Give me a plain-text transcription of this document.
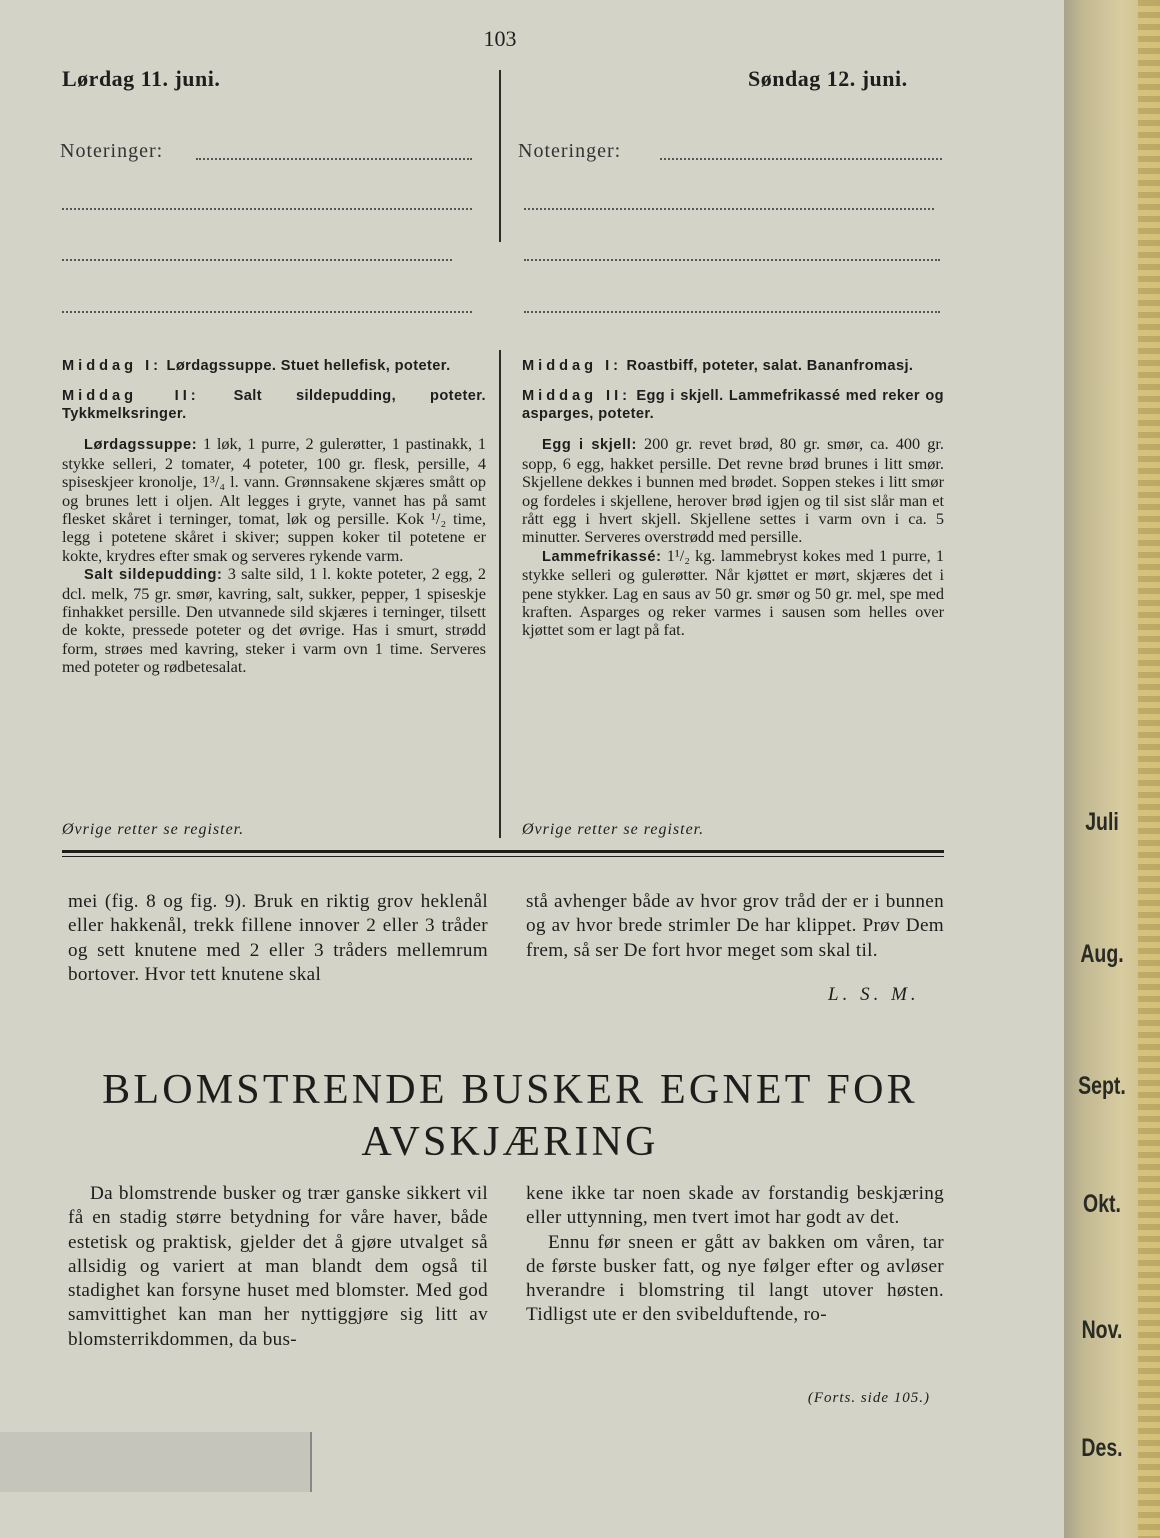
103
Lørdag 11. juni.	Søndag 12. juni.
Noteringer:	Noteringer:

Middag I: Lørdagssuppe. Stuet hellefisk, poteter.

Middag II: Salt sildepudding, poteter. Tykkmelksringer.

Lørdagssuppe: 1 løk, 1 purre, 2 gulerøtter, 1 pastinakk, 1 stykke selleri, 2 tomater, 4 poteter, 100 gr. flesk, persille, 4 spiseskjeer kronolje, 1³/₄ l. vann. Grønnsakene skjæres smått op og brunes lett i oljen. Alt legges i gryte, vannet has på samt flesket skåret i terninger, tomat, løk og persille. Kok ¹/₂ time, legg i potetene skåret i skiver; suppen koker til potetene er kokte, krydres efter smak og serveres rykende varm.

Salt sildepudding: 3 salte sild, 1 l. kokte poteter, 2 egg, 2 dcl. melk, 75 gr. smør, kavring, salt, sukker, pepper, 1 spiseskje finhakket persille. Den utvannede sild skjæres i terninger, tilsett de kokte, pressede poteter og det øvrige. Has i smurt, strødd form, strøes med kavring, steker i varm ovn 1 time. Serveres med poteter og rødbetesalat.

Øvrige retter se register.

Middag I: Roastbiff, poteter, salat. Bananfromasj.

Middag II: Egg i skjell. Lammefrikassé med reker og asparges, poteter.

Egg i skjell: 200 gr. revet brød, 80 gr. smør, ca. 400 gr. sopp, 6 egg, hakket persille. Det revne brød brunes i litt smør. Skjellene dekkes i bunnen med brødet. Soppen stekes i litt smør og fordeles i skjellene, herover brød igjen og til sist slår man et rått egg i hvert skjell. Skjellene settes i varm ovn i ca. 5 minutter. Serveres overstrødd med persille.

Lammefrikassé: 1¹/₂ kg. lammebryst kokes med 1 purre, 1 stykke selleri og gulerøtter. Når kjøttet er mørt, skjæres det i pene stykker. Lag en saus av 50 gr. smør og 50 gr. mel, spe med kraften. Asparges og reker varmes i sausen som helles over kjøttet som er lagt på fat.

Øvrige retter se register.
mei (fig. 8 og fig. 9). Bruk en riktig grov heklenål eller hakkenål, trekk fillene innover 2 eller 3 tråder og sett knutene med 2 eller 3 tråders mellemrum bortover. Hvor tett knutene skal
stå avhenger både av hvor grov tråd der er i bunnen og av hvor brede strimler De har klippet. Prøv Dem frem, så ser De fort hvor meget som skal til.
L. S. M.
BLOMSTRENDE BUSKER EGNET FOR
AVSKJÆRING

Da blomstrende busker og trær ganske sikkert vil få en stadig større betydning for våre haver, både estetisk og praktisk, gjelder det å gjøre utvalget så allsidig og variert at man blandt dem også til stadighet kan forsyne huset med blomster. Med god samvittighet kan man her nyttiggjøre sig litt av blomsterrikdommen, da bus-

kene ikke tar noen skade av forstandig beskjæring eller uttynning, men tvert imot har godt av det.

Ennu før sneen er gått av bakken om våren, tar de første busker fatt, og nye følger efter og avløser hverandre i blomstring til langt utover høsten. Tidligst ute er den svibelduftende, ro-

(Forts. side 105.)
Juli
Aug.
Sept.
Okt.
Nov.
Des.
